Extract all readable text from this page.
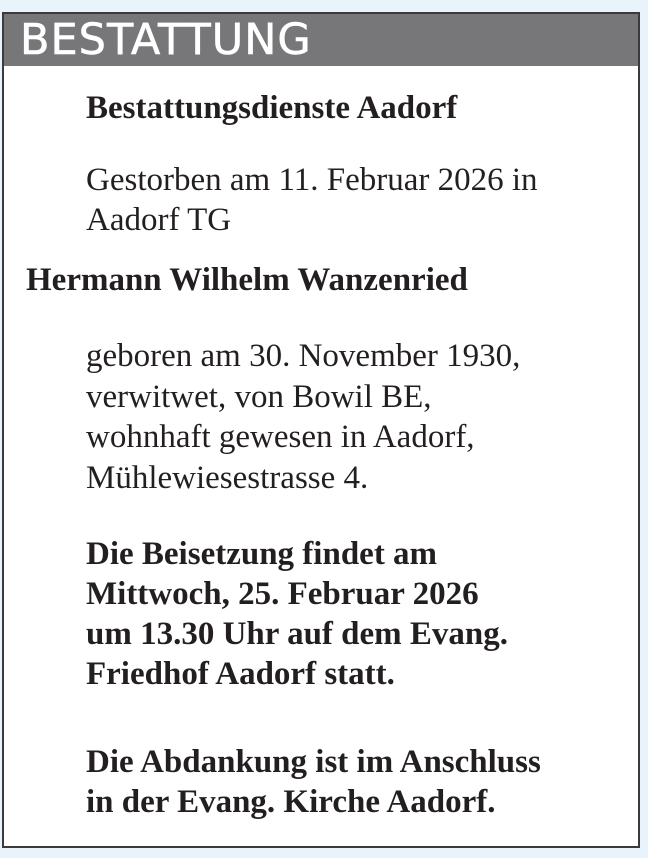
BESTATTUNG

Bestattungsdienste Aadorf

Gestorben am 11. Februar 2026 in
Aadorf TG

Hermann Wilhelm Wanzenried

geboren am 30. November 1930,
verwitwet, von Bowil BE,
wohnhaft gewesen in Aadorf,
Mühlewiesestrasse 4.

Die Beisetzung findet am
Mittwoch, 25. Februar 2026
um 13.30 Uhr auf dem Evang.
Friedhof Aadorf statt.

Die Abdankung ist im Anschluss
in der Evang. Kirche Aadorf.
